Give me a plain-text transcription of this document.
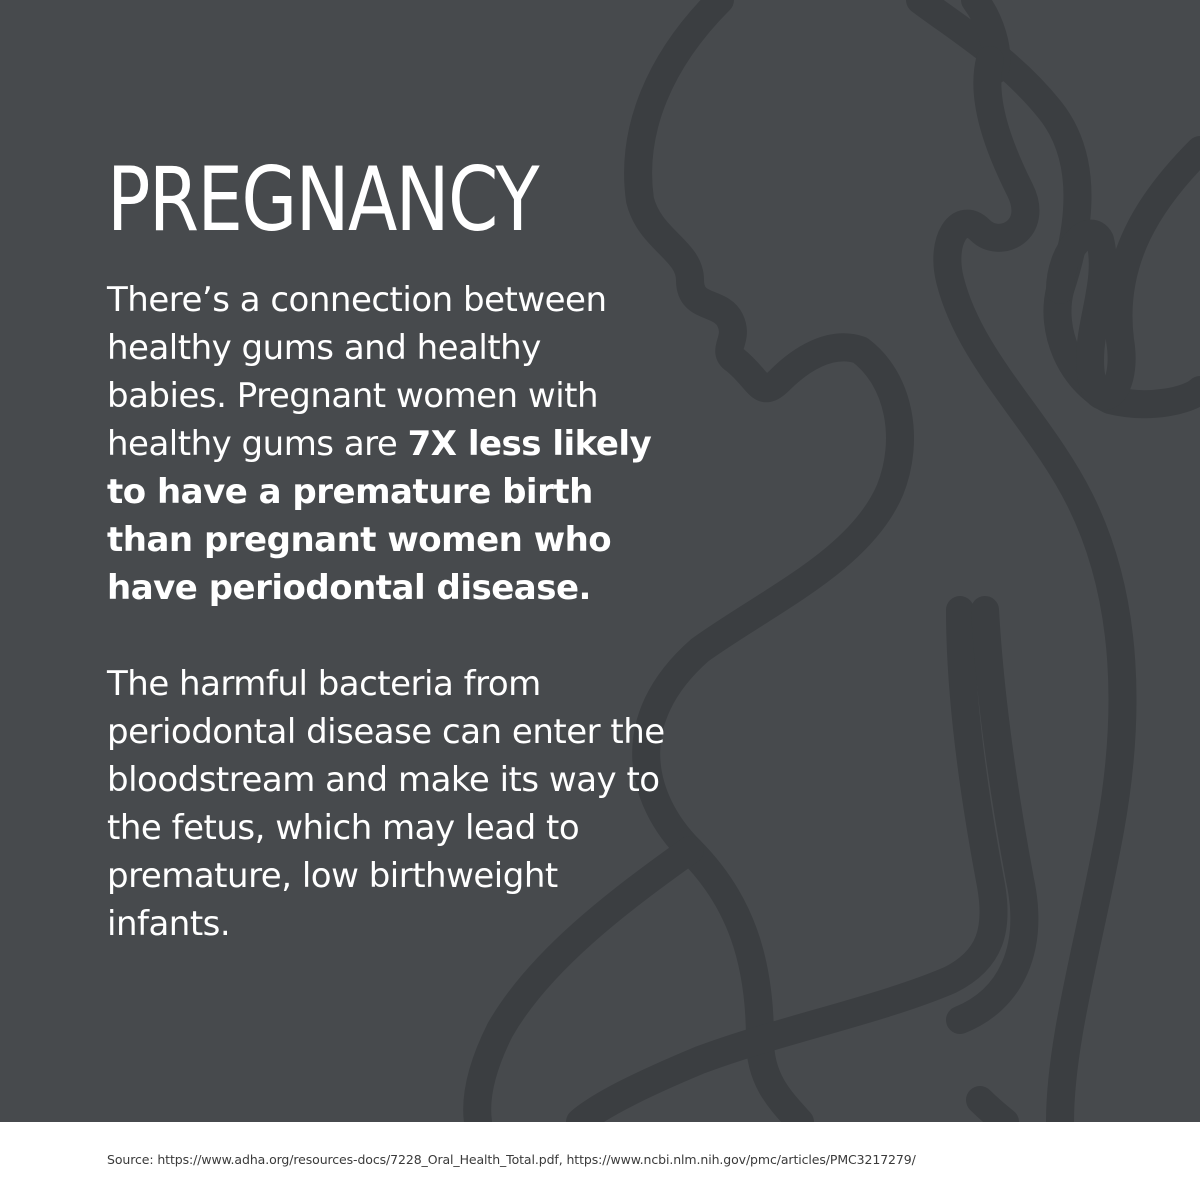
PREGNANCY

There’s a connection between healthy gums and healthy babies. Pregnant women with healthy gums are 7X less likely to have a premature birth than pregnant women who have periodontal disease.

The harmful bacteria from periodontal disease can enter the bloodstream and make its way to the fetus, which may lead to premature, low birthweight infants.

Source: https://www.adha.org/resources-docs/7228_Oral_Health_Total.pdf, https://www.ncbi.nlm.nih.gov/pmc/articles/PMC3217279/
